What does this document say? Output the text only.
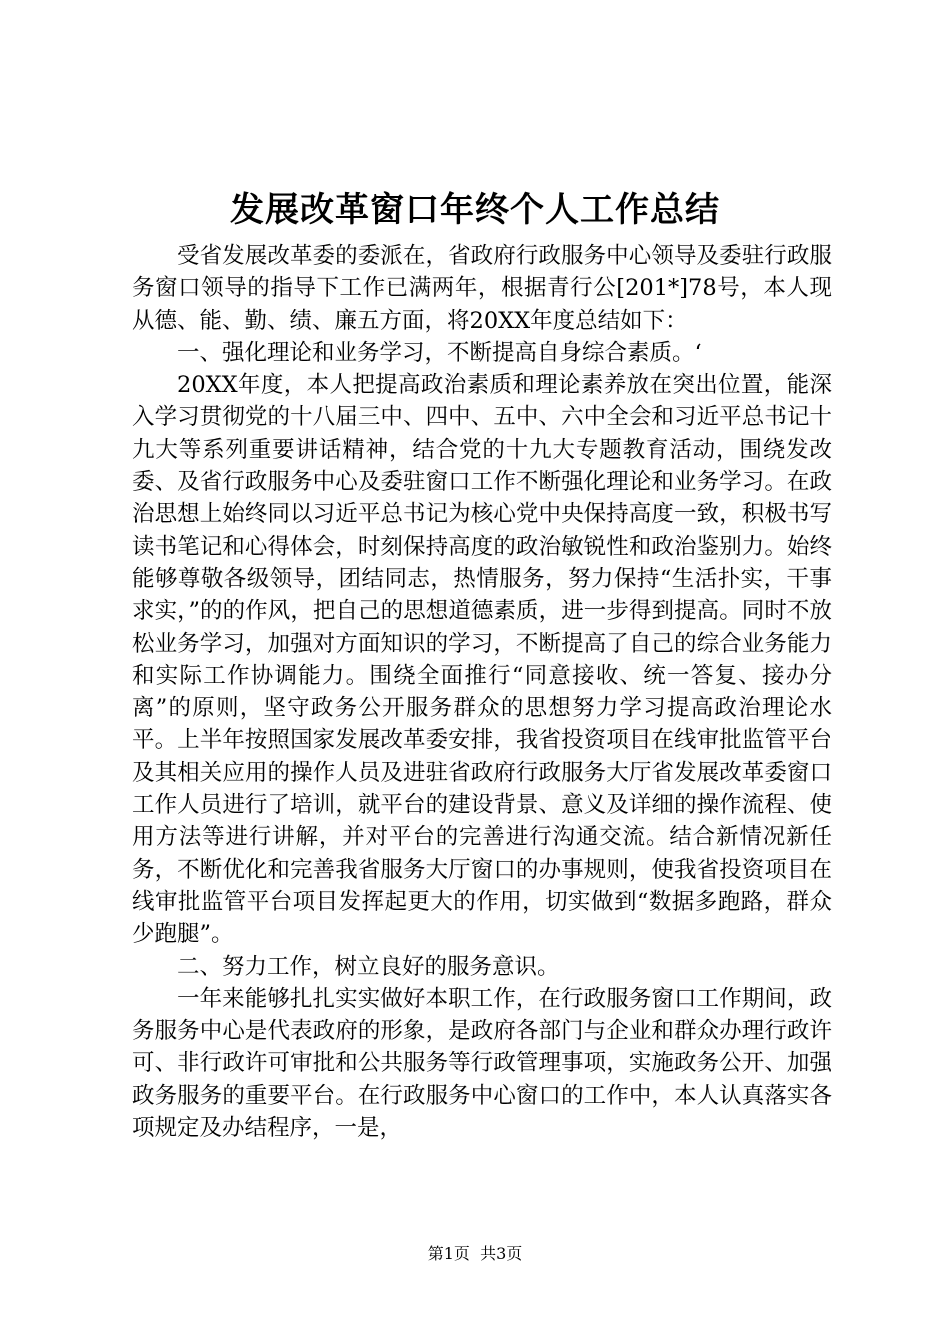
发展改革窗口年终个人工作总结

受省发展改革委的委派在，省政府行政服务中心领导及委驻行政服务窗口领导的指导下工作已满两年，根据青行公[201*]78号，本人现从德、能、勤、绩、廉五方面，将20XX年度总结如下：

一、强化理论和业务学习，不断提高自身综合素质。‘

20XX年度，本人把提高政治素质和理论素养放在突出位置，能深入学习贯彻党的十八届三中、四中、五中、六中全会和习近平总书记十九大等系列重要讲话精神，结合党的十九大专题教育活动，围绕发改委、及省行政服务中心及委驻窗口工作不断强化理论和业务学习。在政治思想上始终同以习近平总书记为核心党中央保持高度一致，积极书写读书笔记和心得体会，时刻保持高度的政治敏锐性和政治鉴别力。始终能够尊敬各级领导，团结同志，热情服务，努力保持“生活扑实，干事求实，”的的作风，把自己的思想道德素质，进一步得到提高。同时不放松业务学习，加强对方面知识的学习，不断提高了自己的综合业务能力和实际工作协调能力。围绕全面推行“同意接收、统一答复、接办分离”的原则，坚守政务公开服务群众的思想努力学习提高政治理论水平。上半年按照国家发展改革委安排，我省投资项目在线审批监管平台及其相关应用的操作人员及进驻省政府行政服务大厅省发展改革委窗口工作人员进行了培训，就平台的建设背景、意义及详细的操作流程、使用方法等进行讲解，并对平台的完善进行沟通交流。结合新情况新任务，不断优化和完善我省服务大厅窗口的办事规则，使我省投资项目在线审批监管平台项目发挥起更大的作用，切实做到“数据多跑路，群众少跑腿”。

二、努力工作，树立良好的服务意识。

一年来能够扎扎实实做好本职工作，在行政服务窗口工作期间，政务服务中心是代表政府的形象，是政府各部门与企业和群众办理行政许可、非行政许可审批和公共服务等行政管理事项，实施政务公开、加强政务服务的重要平台。在行政服务中心窗口的工作中，本人认真落实各项规定及办结程序，一是，

第1页  共3页
